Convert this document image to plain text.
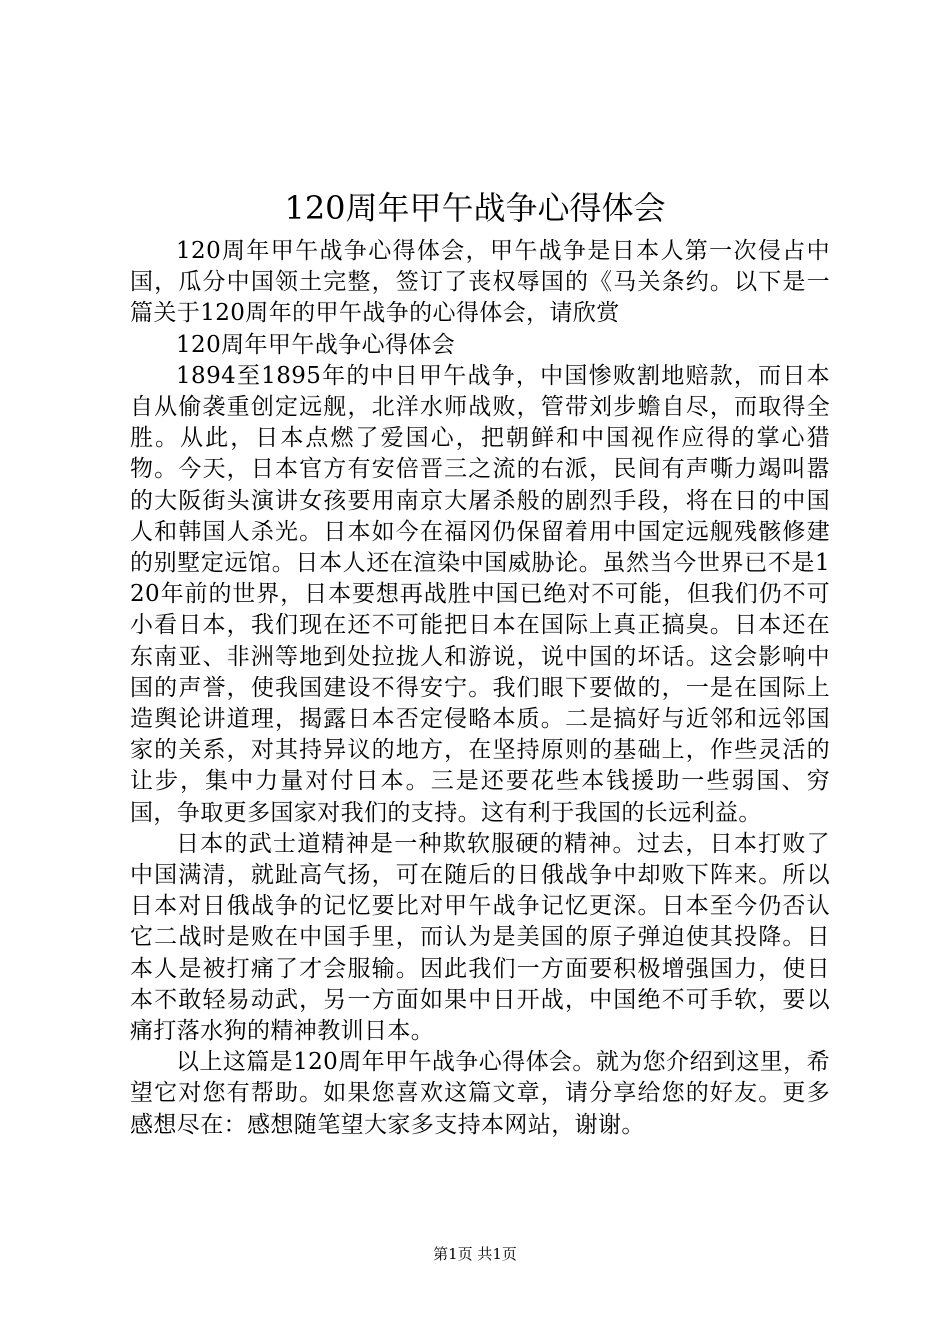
120周年甲午战争心得体会

120周年甲午战争心得体会，甲午战争是日本人第一次侵占中国，瓜分中国领土完整，签订了丧权辱国的《马关条约。以下是一篇关于120周年的甲午战争的心得体会，请欣赏

120周年甲午战争心得体会

1894至1895年的中日甲午战争，中国惨败割地赔款，而日本自从偷袭重创定远舰，北洋水师战败，管带刘步蟾自尽，而取得全胜。从此，日本点燃了爱国心，把朝鲜和中国视作应得的掌心猎物。今天，日本官方有安倍晋三之流的右派，民间有声嘶力竭叫嚣的大阪街头演讲女孩要用南京大屠杀般的剧烈手段，将在日的中国人和韩国人杀光。日本如今在福冈仍保留着用中国定远舰残骸修建的别墅定远馆。日本人还在渲染中国威胁论。虽然当今世界已不是120年前的世界，日本要想再战胜中国已绝对不可能，但我们仍不可小看日本，我们现在还不可能把日本在国际上真正搞臭。日本还在东南亚、非洲等地到处拉拢人和游说，说中国的坏话。这会影响中国的声誉，使我国建设不得安宁。我们眼下要做的，一是在国际上造舆论讲道理，揭露日本否定侵略本质。二是搞好与近邻和远邻国家的关系，对其持异议的地方，在坚持原则的基础上，作些灵活的让步，集中力量对付日本。三是还要花些本钱援助一些弱国、穷国，争取更多国家对我们的支持。这有利于我国的长远利益。

日本的武士道精神是一种欺软服硬的精神。过去，日本打败了中国满清，就趾高气扬，可在随后的日俄战争中却败下阵来。所以日本对日俄战争的记忆要比对甲午战争记忆更深。日本至今仍否认它二战时是败在中国手里，而认为是美国的原子弹迫使其投降。日本人是被打痛了才会服输。因此我们一方面要积极增强国力，使日本不敢轻易动武，另一方面如果中日开战，中国绝不可手软，要以痛打落水狗的精神教训日本。

以上这篇是120周年甲午战争心得体会。就为您介绍到这里，希望它对您有帮助。如果您喜欢这篇文章，请分享给您的好友。更多感想尽在：感想随笔望大家多支持本网站，谢谢。

第1页 共1页
